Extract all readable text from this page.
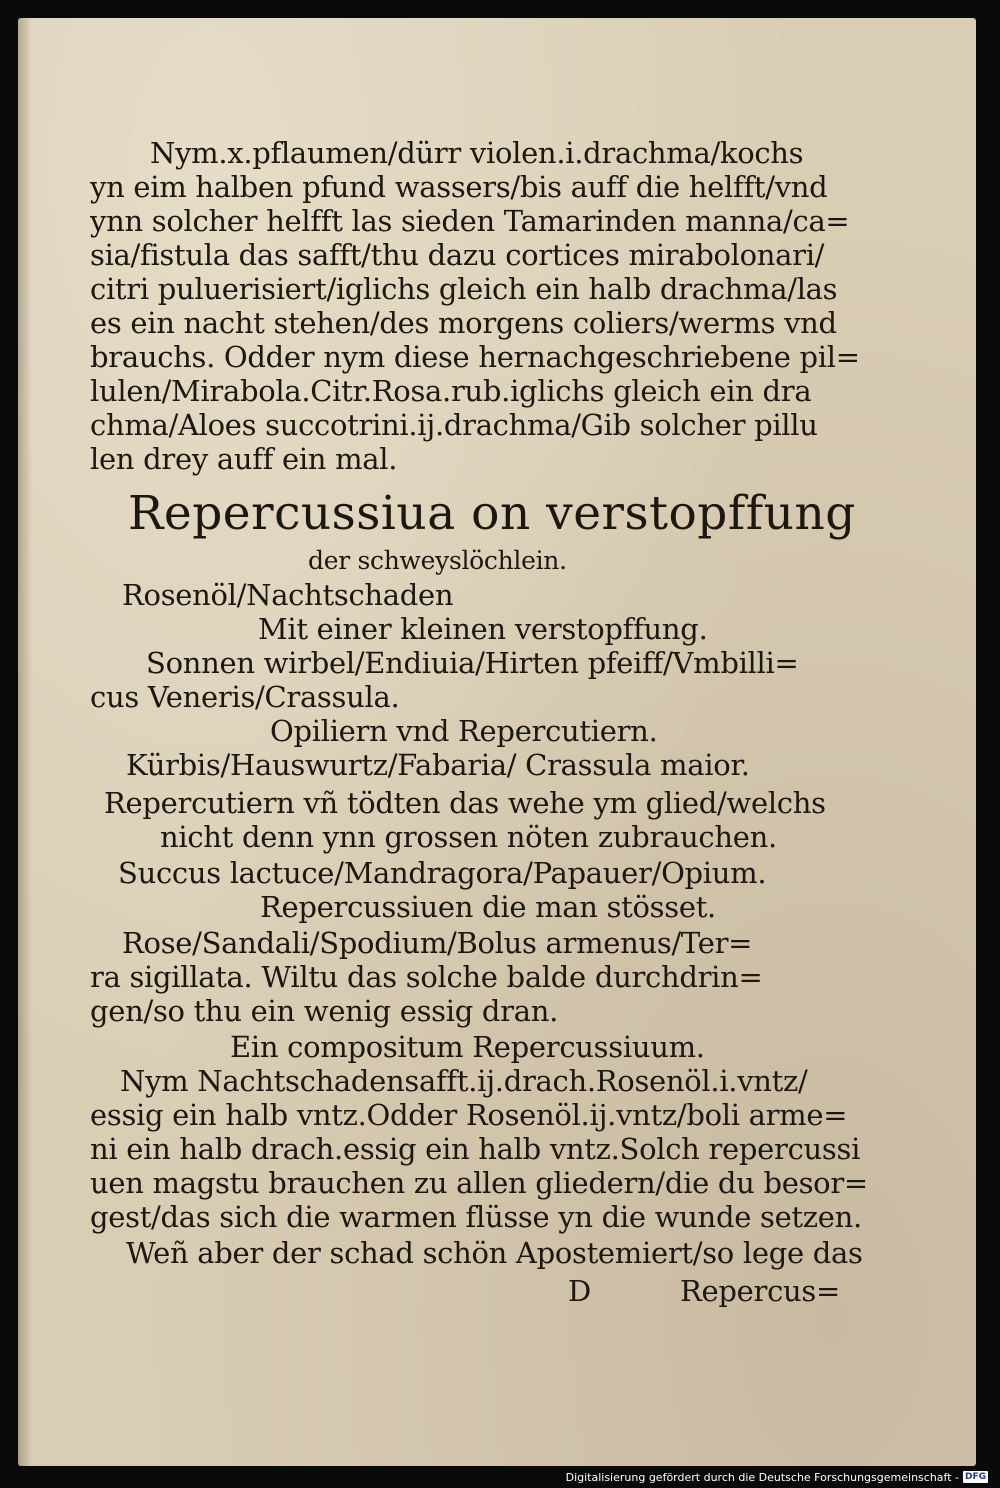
Nym.x.pflaumen/dürr violen.i.drachma/kochs
yn eim halben pfund wassers/bis auff die helfft/vnd
ynn solcher helfft las sieden Tamarinden manna/ca=
sia/fistula das safft/thu dazu cortices mirabolonari/
citri puluerisiert/iglichs gleich ein halb drachma/las
es ein nacht stehen/des morgens coliers/werms vnd
brauchs. Odder nym diese hernachgeschriebene pil=
lulen/Mirabola.Citr.Rosa.rub.iglichs gleich ein dra
chma/Aloes succotrini.ij.drachma/Gib solcher pillu
len drey auff ein mal.
Repercussiua on verstopffung
der schweyslöchlein.
Rosenöl/Nachtschaden
Mit einer kleinen verstopffung.
Sonnen wirbel/Endiuia/Hirten pfeiff/Vmbilli=
cus Veneris/Crassula.
Opiliern vnd Repercutiern.
Kürbis/Hauswurtz/Fabaria/ Crassula maior.
Repercutiern vñ tödten das wehe ym glied/welchs
nicht denn ynn grossen nöten zubrauchen.
Succus lactuce/Mandragora/Papauer/Opium.
Repercussiuen die man stösset.
Rose/Sandali/Spodium/Bolus armenus/Ter=
ra sigillata. Wiltu das solche balde durchdrin=
gen/so thu ein wenig essig dran.
Ein compositum Repercussiuum.
Nym Nachtschadensafft.ij.drach.Rosenöl.i.vntz/
essig ein halb vntz.Odder Rosenöl.ij.vntz/boli arme=
ni ein halb drach.essig ein halb vntz.Solch repercussi
uen magstu brauchen zu allen gliedern/die du besor=
gest/das sich die warmen flüsse yn die wunde setzen.
Weñ aber der schad schön Apostemiert/so lege das
D	Repercus=
Digitalisierung gefördert durch die Deutsche Forschungsgemeinschaft - DFG
